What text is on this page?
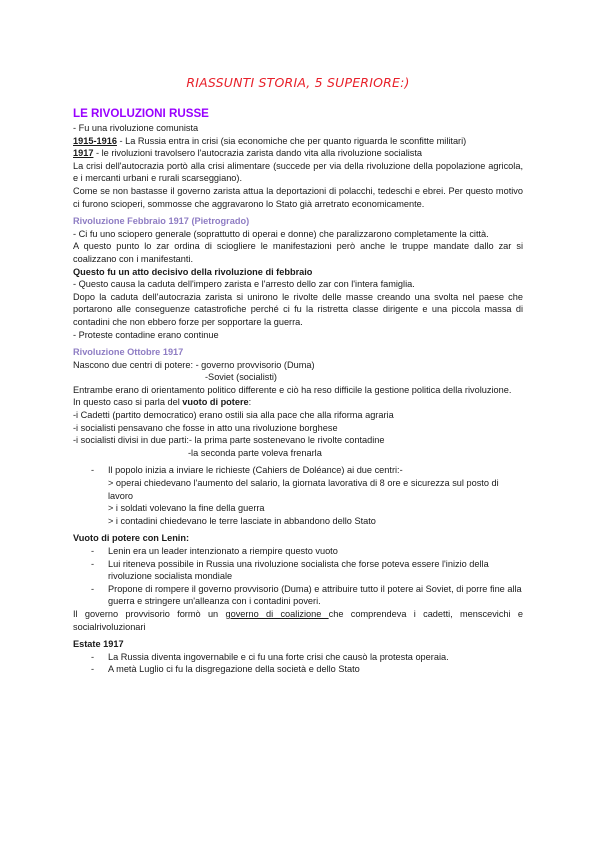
RIASSUNTI STORIA, 5 SUPERIORE:)
LE RIVOLUZIONI RUSSE

- Fu una rivoluzione comunista

1915-1916 - La Russia entra in crisi (sia economiche che per quanto riguarda le sconfitte militari)

1917 - le rivoluzioni travolsero l'autocrazia zarista dando vita alla rivoluzione socialista

La crisi dell'autocrazia portò alla crisi alimentare (succede per via della rivoluzione della popolazione agricola, e i mercanti urbani e rurali scarseggiano).

Come se non bastasse il governo zarista attua la deportazioni di polacchi, tedeschi e ebrei. Per questo motivo ci furono scioperi, sommosse che aggravarono lo Stato già arretrato economicamente.

Rivoluzione Febbraio 1917 (Pietrogrado)

- Ci fu uno sciopero generale (soprattutto di operai e donne) che paralizzarono completamente la città.

A questo punto lo zar ordina di sciogliere le manifestazioni però anche le truppe mandate dallo zar si coalizzano con i manifestanti.

Questo fu un atto decisivo della rivoluzione di febbraio

- Questo causa la caduta dell'impero zarista e l'arresto dello zar con l'intera famiglia.

Dopo la caduta dell'autocrazia zarista si unirono le rivolte delle masse creando una svolta nel paese che portarono alle conseguenze catastrofiche perché ci fu la ristretta classe dirigente e una piccola massa di contadini che non ebbero forze per sopportare la guerra.

- Proteste contadine erano continue

Rivoluzione Ottobre 1917

Nascono due centri di potere: - governo provvisorio (Duma)

-Soviet (socialisti)

Entrambe erano di orientamento politico differente e ciò ha reso difficile la gestione politica della rivoluzione.

In questo caso si parla del vuoto di potere:

-i Cadetti (partito democratico) erano ostili sia alla pace che alla riforma agraria

-i socialisti pensavano che fosse in atto una rivoluzione borghese

-i socialisti divisi in due parti:- la prima parte sostenevano le rivolte contadine

-la seconda parte voleva frenarla

- Il popolo inizia a inviare le richieste (Cahiers de Doléance) ai due centri:-

> operai chiedevano l'aumento del salario, la giornata lavorativa di 8 ore e sicurezza sul posto di lavoro

> i soldati volevano la fine della guerra

> i contadini chiedevano le terre lasciate in abbandono dello Stato

Vuoto di potere con Lenin:

- Lenin era un leader intenzionato a riempire questo vuoto
- Lui riteneva possibile in Russia una rivoluzione socialista che forse poteva essere l'inizio della rivoluzione socialista mondiale
- Propone di rompere il governo provvisorio (Duma) e attribuire tutto il potere ai Soviet, di porre fine alla guerra e stringere un'alleanza con i contadini poveri.

Il governo provvisorio formò un governo di coalizione che comprendeva i cadetti, menscevichi e socialrivoluzionari

Estate 1917

- La Russia diventa ingovernabile e ci fu una forte crisi che causò la protesta operaia.
- A metà Luglio ci fu la disgregazione della società e dello Stato
